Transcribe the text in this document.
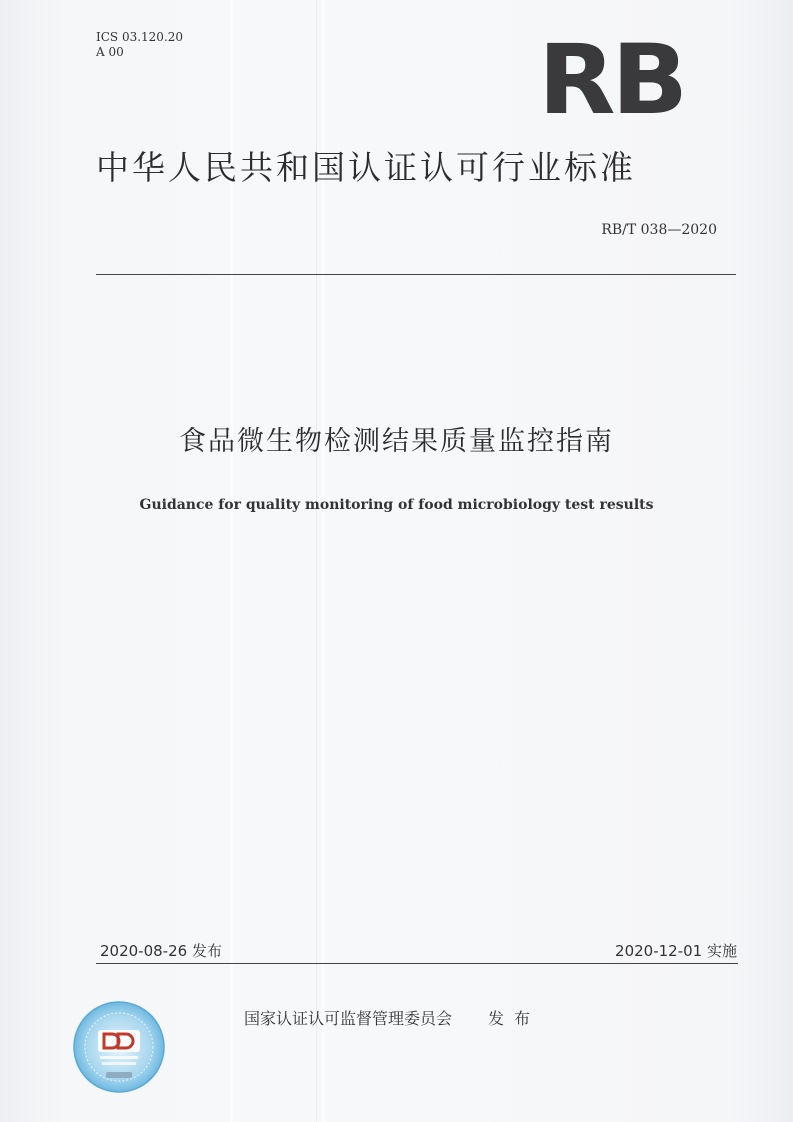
ICS 03.120.20
A 00	RB
中华人民共和国认证认可行业标准
RB/T 038—2020
食品微生物检测结果质量监控指南
Guidance for quality monitoring of food microbiology test results
2020-08-26 发布	2020-12-01 实施
国家认证认可监督管理委员会 发布
